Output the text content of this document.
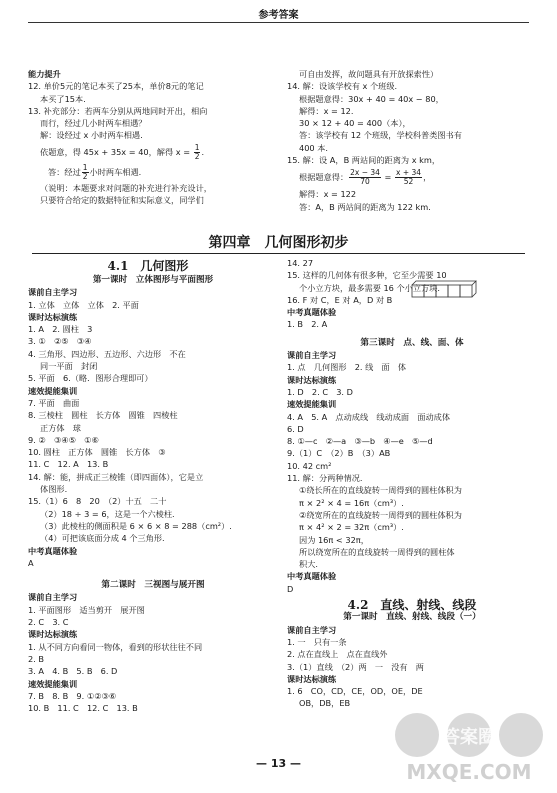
参考答案
能力提升
12. 单价5元的笔记本买了25本，单价8元的笔记
本买了15本.
13. 补充部分：若两车分别从两地同时开出，相向
而行，经过几小时两车相遇？
解：设经过 x 小时两车相遇.
依题意，得 45x + 35x = 40，解得 $x = \frac{1}{2}$ .
答：经过 $\frac{1}{2}$ 小时两车相遇.
（说明：本题要求对问题的补充进行补充设计，
只要符合给定的数据特征和实际意义，同学们
可自由发挥，故问题具有开放探索性）
14. 解：设该学校有 x 个班级.
根据题意得：30x + 40 = 40x − 80，
解得：x = 12.
30 × 12 + 40 = 400（本），
答：该学校有 12 个班级，学校科普类图书有
400 本.
15. 解：设 A，B 两站间的距离为 x km，
根据题意得： $\frac{2x - 34}{70} = \frac{x + 34}{52}$ ，
解得：x = 122
答：A，B 两站间的距离为 122 km.
第四章　几何图形初步
4.1　几何图形
第一课时　立体图形与平面图形
课前自主学习
1. 立体　立体　立体　2. 平面
课时达标演练
1. A　2. 圆柱　3
3. ①　②⑤　③④
4. 三角形、四边形、五边形、六边形　不在
同一平面　封闭
5. 平面　6.（略．图形合理即可）
速效提能集训
7. 平面　曲面
8. 三棱柱　圆柱　长方体　圆锥　四棱柱
正方体　球
9. ②　③④⑤　①⑥
10. 圆柱　正方体　圆锥　长方体　③
11. C　12. A　13. B
14. 解：能，拼成正三棱锥（即四面体），它是立
体图形.
15.（1）6　8　20　（2）十五　二十
（2）18 ÷ 3 = 6，这是一个六棱柱.
（3）此棱柱的侧面积是 6 × 6 × 8 = 288（cm²）.
（4）可把该底面分成 4 个三角形.
中考真题体验
A
第二课时　三视图与展开图
课前自主学习
1. 平面图形　适当剪开　展开图
2. C　3. C
课时达标演练
1. 从不同方向看同一物体，看到的形状往往不同
2. B
3. A　4. B　5. B　6. D
速效提能集训
7. B　8. B　9. ①②③⑥
10. B　11. C　12. C　13. B
14. 27
15. 这样的几何体有很多种，它至少需要 10
个小立方块，最多需要 16 个小立方块.
16. F 对 C，E 对 A，D 对 B
中考真题体验
1. B　2. A
第三课时　点、线、面、体
课前自主学习
1. 点　几何图形　2. 线　面　体
课时达标演练
1. D　2. C　3. D
速效提能集训
4. A　5. A　点动成线　线动成面　面动成体
6. D
8. ①—c　②—a　③—b　④—e　⑤—d
9.（1）C　（2）B　（3）AB
10. 42 cm²
11. 解：分两种情况.
①绕长所在的直线旋转一周得到的圆柱体积为
π × 2² × 4 = 16π（cm³）.
②绕宽所在的直线旋转一周得到的圆柱体积为
π × 4² × 2 = 32π（cm³）.
因为 16π < 32π，
所以绕宽所在的直线旋转一周得到的圆柱体
积大.
中考真题体验
D
4.2　直线、射线、线段
第一课时　直线、射线、线段（一）
课前自主学习
1. 一　只有一条
2. 点在直线上　点在直线外
3.（1）直线　（2）两　一　没有　两
课时达标演练
1. 6　CO，CD，CE，OD，OE，DE
OB，DB，EB
— 13 —	MXQE.COM
答案圈
